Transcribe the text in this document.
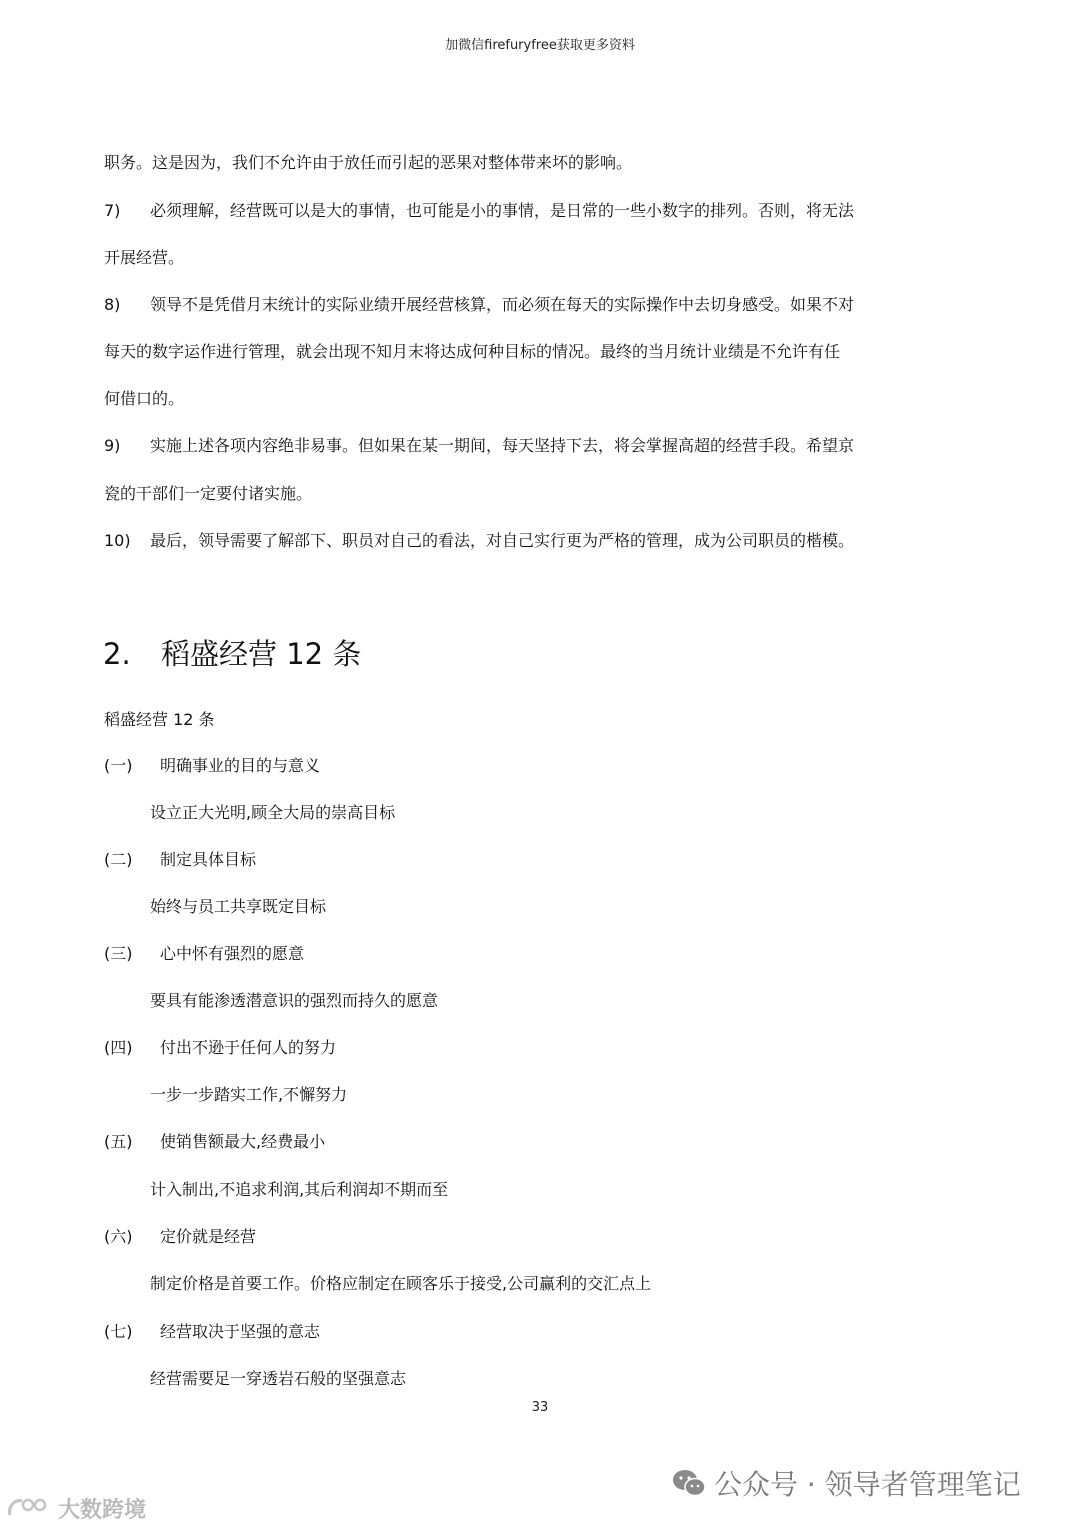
加微信firefuryfree获取更多资料
职务。这是因为，我们不允许由于放任而引起的恶果对整体带来坏的影响。
7) 必须理解，经营既可以是大的事情，也可能是小的事情，是日常的一些小数字的排列。否则，将无法
开展经营。
8) 领导不是凭借月末统计的实际业绩开展经营核算，而必须在每天的实际操作中去切身感受。如果不对
每天的数字运作进行管理，就会出现不知月末将达成何种目标的情况。最终的当月统计业绩是不允许有任
何借口的。
9) 实施上述各项内容绝非易事。但如果在某一期间，每天坚持下去，将会掌握高超的经营手段。希望京
瓷的干部们一定要付诸实施。
10) 最后，领导需要了解部下、职员对自己的看法，对自己实行更为严格的管理，成为公司职员的楷模。
2. 稻盛经营 12 条
稻盛经营 12 条
(一) 明确事业的目的与意义
设立正大光明,顾全大局的崇高目标
(二) 制定具体目标
始终与员工共享既定目标
(三) 心中怀有强烈的愿意
要具有能渗透潜意识的强烈而持久的愿意
(四) 付出不逊于任何人的努力
一步一步踏实工作,不懈努力
(五) 使销售额最大,经费最小
计入制出,不追求利润,其后利润却不期而至
(六) 定价就是经营
制定价格是首要工作。价格应制定在顾客乐于接受,公司赢利的交汇点上
(七) 经营取决于坚强的意志
经营需要足一穿透岩石般的坚强意志
33
公众号 · 领导者管理笔记
大数跨境
